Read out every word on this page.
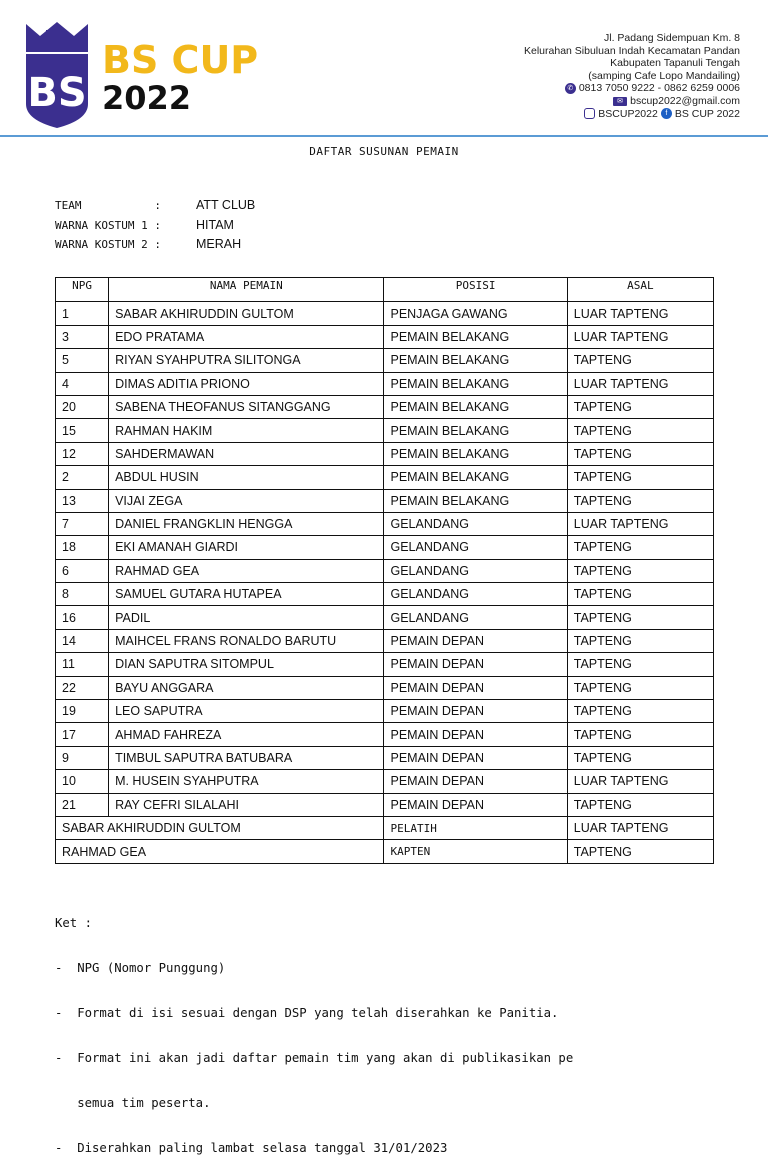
BS
BS CUP
2022
Jl. Padang Sidempuan Km. 8
Kelurahan Sibuluan Indah Kecamatan Pandan
Kabupaten Tapanuli Tengah
(samping Cafe Lopo Mandailing)
✆ 0813 7050 9222 - 0862 6259 0006
✉ bscup2022@gmail.com
BSCUP2022	f BS CUP 2022
DAFTAR SUSUNAN PEMAIN
TEAM           :	ATT CLUB
WARNA KOSTUM 1 :	HITAM
WARNA KOSTUM 2 :	MERAH
NPG	NAMA PEMAIN	POSISI	ASAL
1	SABAR AKHIRUDDIN GULTOM	PENJAGA GAWANG	LUAR TAPTENG
3	EDO PRATAMA	PEMAIN BELAKANG	LUAR TAPTENG
5	RIYAN SYAHPUTRA SILITONGA	PEMAIN BELAKANG	TAPTENG
4	DIMAS ADITIA PRIONO	PEMAIN BELAKANG	LUAR TAPTENG
20	SABENA THEOFANUS SITANGGANG	PEMAIN BELAKANG	TAPTENG
15	RAHMAN HAKIM	PEMAIN BELAKANG	TAPTENG
12	SAHDERMAWAN	PEMAIN BELAKANG	TAPTENG
2	ABDUL HUSIN	PEMAIN BELAKANG	TAPTENG
13	VIJAI ZEGA	PEMAIN BELAKANG	TAPTENG
7	DANIEL FRANGKLIN HENGGA	GELANDANG	LUAR TAPTENG
18	EKI AMANAH GIARDI	GELANDANG	TAPTENG
6	RAHMAD GEA	GELANDANG	TAPTENG
8	SAMUEL GUTARA HUTAPEA	GELANDANG	TAPTENG
16	PADIL	GELANDANG	TAPTENG
14	MAIHCEL FRANS RONALDO BARUTU	PEMAIN DEPAN	TAPTENG
11	DIAN SAPUTRA SITOMPUL	PEMAIN DEPAN	TAPTENG
22	BAYU ANGGARA	PEMAIN DEPAN	TAPTENG
19	LEO SAPUTRA	PEMAIN DEPAN	TAPTENG
17	AHMAD FAHREZA	PEMAIN DEPAN	TAPTENG
9	TIMBUL SAPUTRA BATUBARA	PEMAIN DEPAN	TAPTENG
10	M. HUSEIN SYAHPUTRA	PEMAIN DEPAN	LUAR TAPTENG
21	RAY CEFRI SILALAHI	PEMAIN DEPAN	TAPTENG
SABAR AKHIRUDDIN GULTOM		PELATIH	LUAR TAPTENG
RAHMAD GEA		KAPTEN	TAPTENG

Ket :

-  NPG (Nomor Punggung)

-  Format di isi sesuai dengan DSP yang telah diserahkan ke Panitia.

-  Format ini akan jadi daftar pemain tim yang akan di publikasikan pe

semua tim peserta.

-  Diserahkan paling lambat selasa tanggal 31/01/2023
